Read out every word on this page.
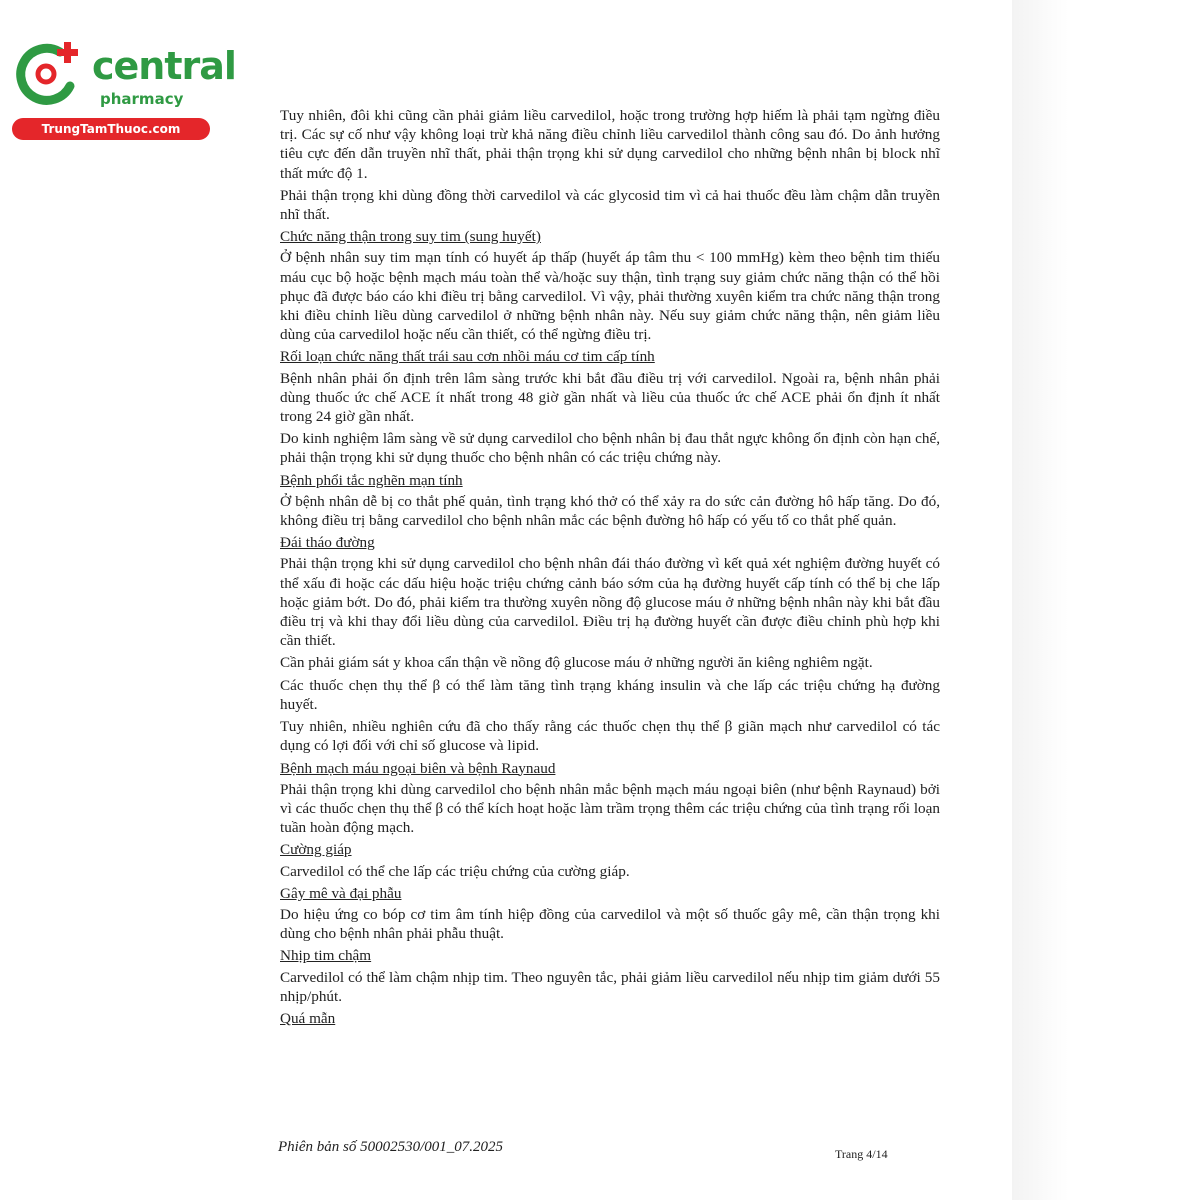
central
pharmacy
TrungTamThuoc.com

Tuy nhiên, đôi khi cũng cần phải giảm liều carvedilol, hoặc trong trường hợp hiếm là phải tạm ngừng điều trị. Các sự cố như vậy không loại trừ khả năng điều chỉnh liều carvedilol thành công sau đó. Do ảnh hưởng tiêu cực đến dẫn truyền nhĩ thất, phải thận trọng khi sử dụng carvedilol cho những bệnh nhân bị block nhĩ thất mức độ 1.

Phải thận trọng khi dùng đồng thời carvedilol và các glycosid tim vì cả hai thuốc đều làm chậm dẫn truyền nhĩ thất.

Chức năng thận trong suy tim (sung huyết)

Ở bệnh nhân suy tim mạn tính có huyết áp thấp (huyết áp tâm thu < 100 mmHg) kèm theo bệnh tim thiếu máu cục bộ hoặc bệnh mạch máu toàn thể và/hoặc suy thận, tình trạng suy giảm chức năng thận có thể hồi phục đã được báo cáo khi điều trị bằng carvedilol. Vì vậy, phải thường xuyên kiểm tra chức năng thận trong khi điều chỉnh liều dùng carvedilol ở những bệnh nhân này. Nếu suy giảm chức năng thận, nên giảm liều dùng của carvedilol hoặc nếu cần thiết, có thể ngừng điều trị.

Rối loạn chức năng thất trái sau cơn nhồi máu cơ tim cấp tính

Bệnh nhân phải ổn định trên lâm sàng trước khi bắt đầu điều trị với carvedilol. Ngoài ra, bệnh nhân phải dùng thuốc ức chế ACE ít nhất trong 48 giờ gần nhất và liều của thuốc ức chế ACE phải ổn định ít nhất trong 24 giờ gần nhất.

Do kinh nghiệm lâm sàng về sử dụng carvedilol cho bệnh nhân bị đau thắt ngực không ổn định còn hạn chế, phải thận trọng khi sử dụng thuốc cho bệnh nhân có các triệu chứng này.

Bệnh phổi tắc nghẽn mạn tính

Ở bệnh nhân dễ bị co thắt phế quản, tình trạng khó thở có thể xảy ra do sức cản đường hô hấp tăng. Do đó, không điều trị bằng carvedilol cho bệnh nhân mắc các bệnh đường hô hấp có yếu tố co thắt phế quản.

Đái tháo đường

Phải thận trọng khi sử dụng carvedilol cho bệnh nhân đái tháo đường vì kết quả xét nghiệm đường huyết có thể xấu đi hoặc các dấu hiệu hoặc triệu chứng cảnh báo sớm của hạ đường huyết cấp tính có thể bị che lấp hoặc giảm bớt. Do đó, phải kiểm tra thường xuyên nồng độ glucose máu ở những bệnh nhân này khi bắt đầu điều trị và khi thay đổi liều dùng của carvedilol. Điều trị hạ đường huyết cần được điều chỉnh phù hợp khi cần thiết.

Cần phải giám sát y khoa cẩn thận về nồng độ glucose máu ở những người ăn kiêng nghiêm ngặt.

Các thuốc chẹn thụ thể β có thể làm tăng tình trạng kháng insulin và che lấp các triệu chứng hạ đường huyết.

Tuy nhiên, nhiều nghiên cứu đã cho thấy rằng các thuốc chẹn thụ thể β giãn mạch như carvedilol có tác dụng có lợi đối với chỉ số glucose và lipid.

Bệnh mạch máu ngoại biên và bệnh Raynaud

Phải thận trọng khi dùng carvedilol cho bệnh nhân mắc bệnh mạch máu ngoại biên (như bệnh Raynaud) bởi vì các thuốc chẹn thụ thể β có thể kích hoạt hoặc làm trầm trọng thêm các triệu chứng của tình trạng rối loạn tuần hoàn động mạch.

Cường giáp

Carvedilol có thể che lấp các triệu chứng của cường giáp.

Gây mê và đại phẫu

Do hiệu ứng co bóp cơ tim âm tính hiệp đồng của carvedilol và một số thuốc gây mê, cần thận trọng khi dùng cho bệnh nhân phải phẫu thuật.

Nhịp tim chậm

Carvedilol có thể làm chậm nhịp tim. Theo nguyên tắc, phải giảm liều carvedilol nếu nhịp tim giảm dưới 55 nhịp/phút.

Quá mẫn
Phiên bản số 50002530/001_07.2025	Trang 4/14
